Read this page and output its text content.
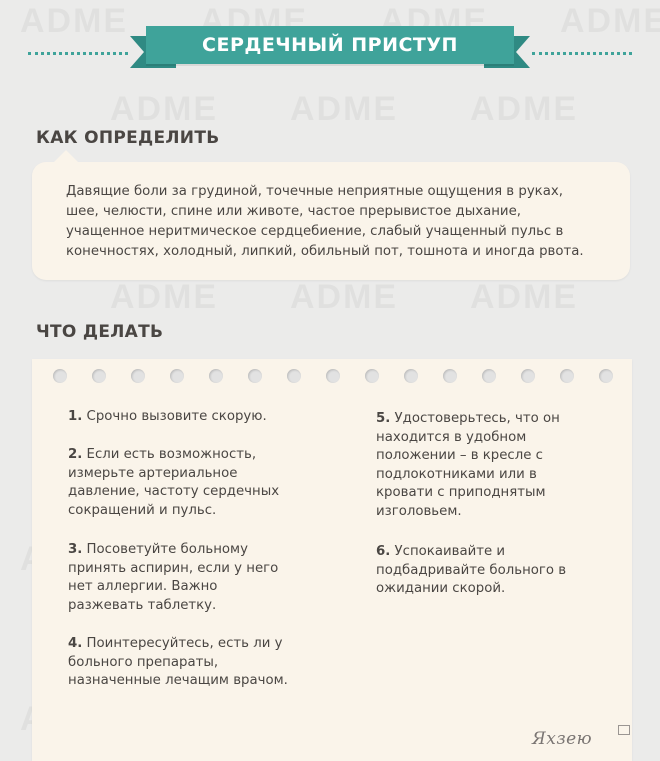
СЕРДЕЧНЫЙ ПРИСТУП
КАК ОПРЕДЕЛИТЬ
Давящие боли за грудиной, точечные неприятные ощущения в руках,
шее, челюсти, спине или животе, частое прерывистое дыхание,
учащенное неритмическое сердцебиение, слабый учащенный пульс в
конечностях, холодный, липкий, обильный пот, тошнота и иногда рвота.
ЧТО ДЕЛАТЬ
1. Срочно вызовите скорую.
2. Если есть возможность,
измерьте артериальное
давление, частоту сердечных
сокращений и пульс.
3. Посоветуйте больному
принять аспирин, если у него
нет аллергии. Важно
разжевать таблетку.
4. Поинтересуйтесь, есть ли у
больного препараты,
назначенные лечащим врачом.
5. Удостоверьтесь, что он
находится в удобном
положении – в кресле с
подлокотниками или в
кровати с приподнятым
изголовьем.
6. Успокаивайте и
подбадривайте больного в
ожидании скорой.
Яхзею
